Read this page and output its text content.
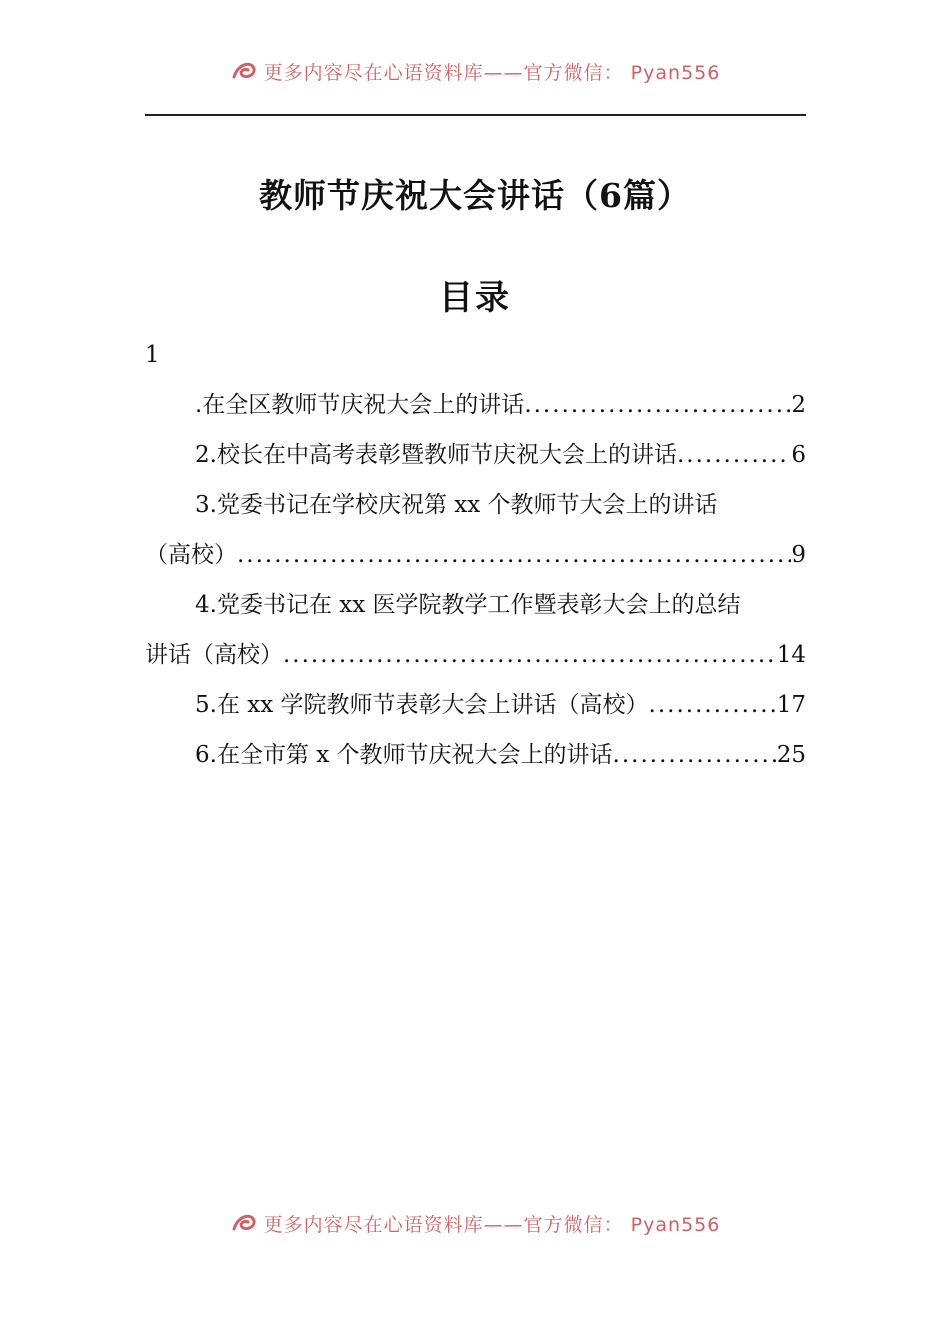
更多内容尽在心语资料库——官方微信： Pyan556
教师节庆祝大会讲话（6篇）
目录
1
.在全区教师节庆祝大会上的讲话 .....	2
2.校长在中高考表彰暨教师节庆祝大会上的讲话 .....	6
3.党委书记在学校庆祝第 xx 个教师节大会上的讲话
（高校） .....	9
4.党委书记在 xx 医学院教学工作暨表彰大会上的总结
讲话（高校） .....	14
5.在 xx 学院教师节表彰大会上讲话（高校） .....	17
6.在全市第 x 个教师节庆祝大会上的讲话 .....	25
更多内容尽在心语资料库——官方微信： Pyan556
